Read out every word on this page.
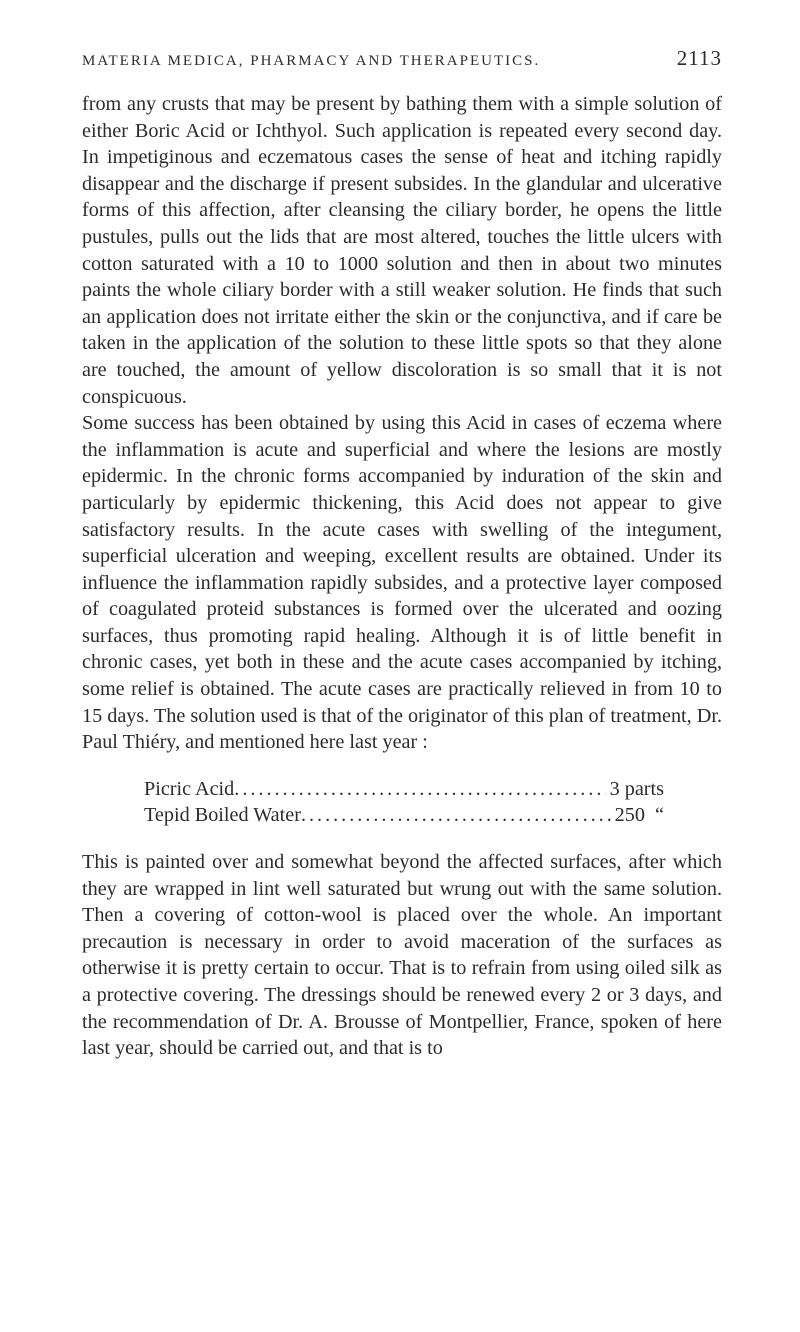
MATERIA MEDICA, PHARMACY AND THERAPEUTICS.	2113

from any crusts that may be present by bathing them with a simple solution of either Boric Acid or Ichthyol. Such application is repeated every second day. In impetiginous and eczematous cases the sense of heat and itching rapidly disappear and the discharge if present subsides. In the glandular and ulcerative forms of this affection, after cleansing the ciliary border, he opens the little pustules, pulls out the lids that are most altered, touches the little ulcers with cotton saturated with a 10 to 1000 solution and then in about two minutes paints the whole ciliary border with a still weaker solution. He finds that such an application does not irritate either the skin or the conjunctiva, and if care be taken in the application of the solution to these little spots so that they alone are touched, the amount of yellow discoloration is so small that it is not conspicuous.

Some success has been obtained by using this Acid in cases of eczema where the inflammation is acute and superficial and where the lesions are mostly epidermic. In the chronic forms accompanied by induration of the skin and particularly by epidermic thickening, this Acid does not appear to give satisfactory results. In the acute cases with swelling of the integument, superficial ulceration and weeping, excellent results are obtained. Under its influence the inflammation rapidly subsides, and a protective layer composed of coagulated proteid substances is formed over the ulcerated and oozing surfaces, thus promoting rapid healing. Although it is of little benefit in chronic cases, yet both in these and the acute cases accompanied by itching, some relief is obtained. The acute cases are practically relieved in from 10 to 15 days. The solution used is that of the originator of this plan of treatment, Dr. Paul Thiéry, and mentioned here last year :

Picric Acid .....	3 parts
Tepid Boiled Water .....	250  “

This is painted over and somewhat beyond the affected surfaces, after which they are wrapped in lint well saturated but wrung out with the same solution. Then a covering of cotton-wool is placed over the whole. An important precaution is necessary in order to avoid maceration of the surfaces as otherwise it is pretty certain to occur. That is to refrain from using oiled silk as a protective covering. The dressings should be renewed every 2 or 3 days, and the recommendation of Dr. A. Brousse of Montpellier, France, spoken of here last year, should be carried out, and that is to
